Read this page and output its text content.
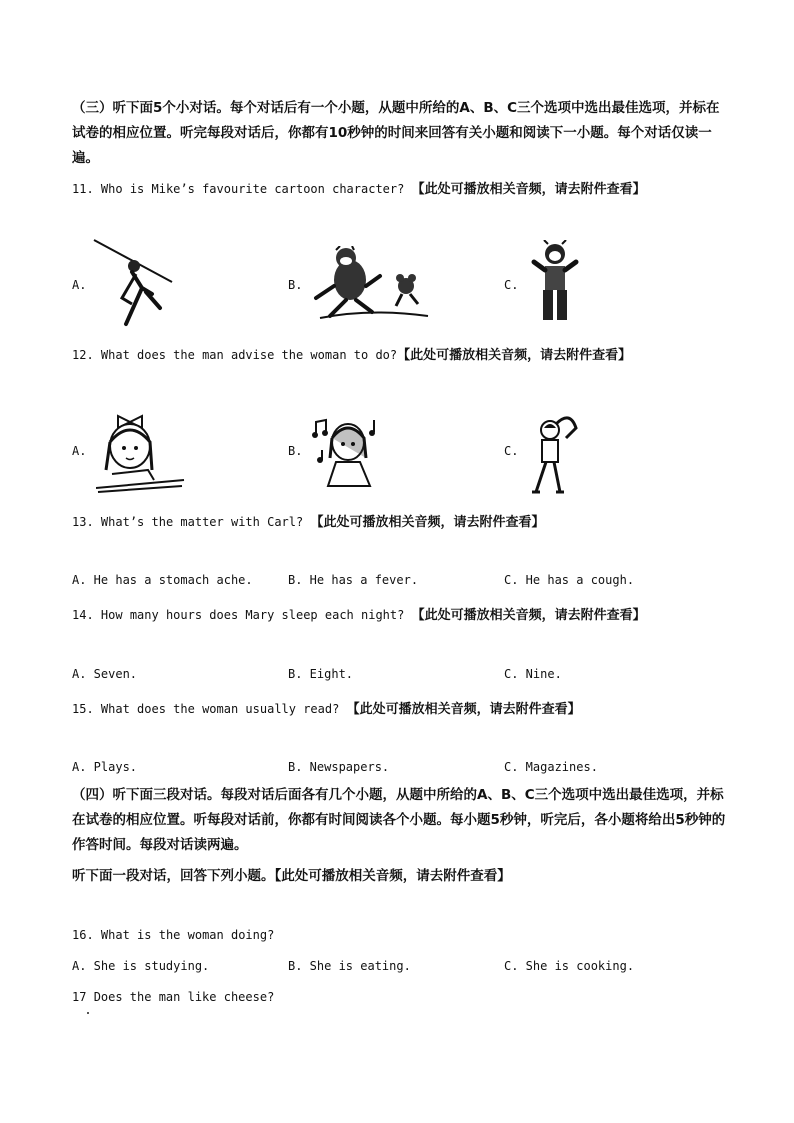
（三）听下面5个小对话。每个对话后有一个小题，从题中所给的A、B、C三个选项中选出最佳选项，并标在试卷的相应位置。听完每段对话后，你都有10秒钟的时间来回答有关小题和阅读下一小题。每个对话仅读一遍。
11. Who is Mike’s favourite cartoon character? 【此处可播放相关音频，请去附件查看】
A.	B.	C.
12. What does the man advise the woman to do?【此处可播放相关音频，请去附件查看】
A.	B.	C.
13. What’s the matter with Carl? 【此处可播放相关音频，请去附件查看】
A. He has a stomach ache.	B. He has a fever.	C. He has a cough.
14. How many hours does Mary sleep each night? 【此处可播放相关音频，请去附件查看】
A. Seven.	B. Eight.	C. Nine.
15. What does the woman usually read? 【此处可播放相关音频，请去附件查看】
A. Plays.	B. Newspapers.	C. Magazines.
（四）听下面三段对话。每段对话后面各有几个小题，从题中所给的A、B、C三个选项中选出最佳选项，并标在试卷的相应位置。听每段对话前，你都有时间阅读各个小题。每小题5秒钟，听完后，各小题将给出5秒钟的作答时间。每段对话读两遍。
听下面一段对话，回答下列小题。【此处可播放相关音频，请去附件查看】
16. What is the woman doing?
A. She is studying.	B. She is eating.	C. She is cooking.
17 Does the man like cheese?
